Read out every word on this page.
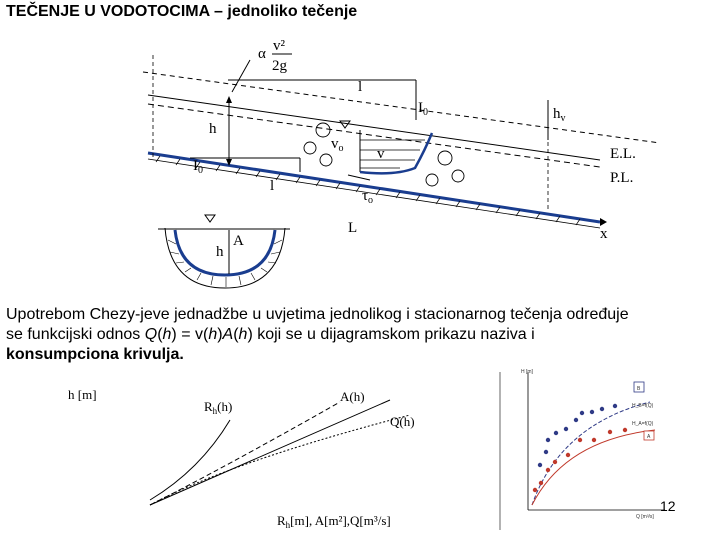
TEČENJE U VODOTOCIMA – jednoliko tečenje
α v²
2g
l
$I_0$	$h_v$
h
$v_o$ v	E.L.
P.L.
$I_0$
l
$\tau_o$
L	x
h
A
h [m]
$R_h(h)$
A(h)
Q(h)
$R_h[m]$, A[m²],Q[m³/s]
H [m]
Q [m³/s]
B
H_B=f(Q)
H_A=f(Q)
A
Upotrebom Chezy-jeve jednadžbe u uvjetima jednolikog i stacionarnog tečenja određuje
se funkcijski odnos Q(h) = v(h)A(h) koji se u dijagramskom prikazu naziva i
konsumpciona krivulja.
12
